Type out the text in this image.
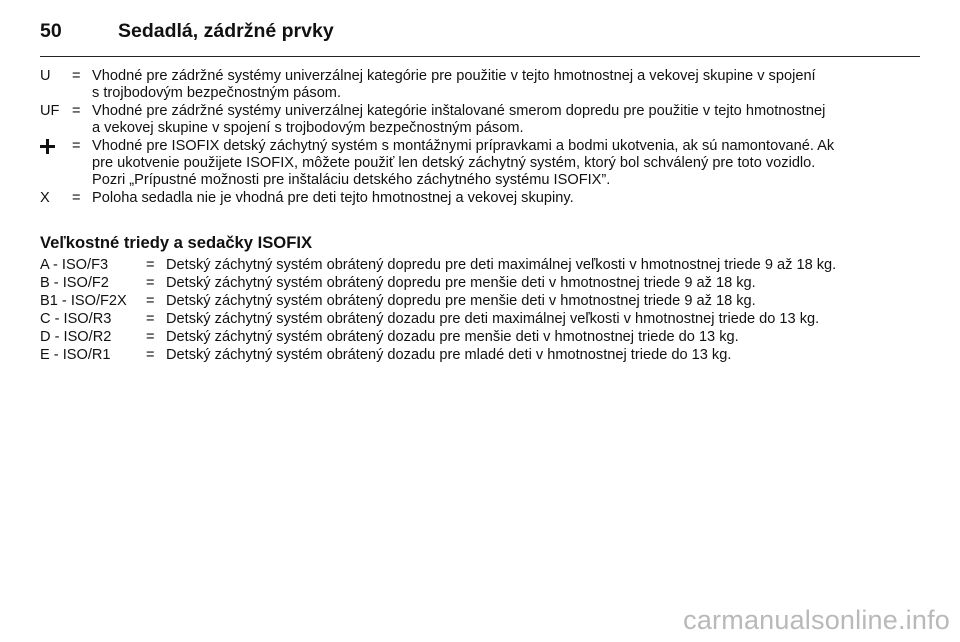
50	Sedadlá, zádržné prvky
U	= Vhodné pre zádržné systémy univerzálnej kategórie pre použitie v tejto hmotnostnej a vekovej skupine v spojení
s trojbodovým bezpečnostným pásom.
UF = Vhodné pre zádržné systémy univerzálnej kategórie inštalované smerom dopredu pre použitie v tejto hmotnostnej
a vekovej skupine v spojení s trojbodovým bezpečnostným pásom.
= Vhodné pre ISOFIX detský záchytný systém s montážnymi prípravkami a bodmi ukotvenia, ak sú namontované. Ak
pre ukotvenie použijete ISOFIX, môžete použiť len detský záchytný systém, ktorý bol schválený pre toto vozidlo.
Pozri „Prípustné možnosti pre inštaláciu detského záchytného systému ISOFIX”.
X	= Poloha sedadla nie je vhodná pre deti tejto hmotnostnej a vekovej skupiny.
Veľkostné triedy a sedačky ISOFIX
A - ISO/F3	= Detský záchytný systém obrátený dopredu pre deti maximálnej veľkosti v hmotnostnej triede 9 až 18 kg.
B - ISO/F2	= Detský záchytný systém obrátený dopredu pre menšie deti v hmotnostnej triede 9 až 18 kg.
B1 - ISO/F2X	= Detský záchytný systém obrátený dopredu pre menšie deti v hmotnostnej triede 9 až 18 kg.
C - ISO/R3	= Detský záchytný systém obrátený dozadu pre deti maximálnej veľkosti v hmotnostnej triede do 13 kg.
D - ISO/R2	= Detský záchytný systém obrátený dozadu pre menšie deti v hmotnostnej triede do 13 kg.
E - ISO/R1	= Detský záchytný systém obrátený dozadu pre mladé deti v hmotnostnej triede do 13 kg.
carmanualsonline.info
